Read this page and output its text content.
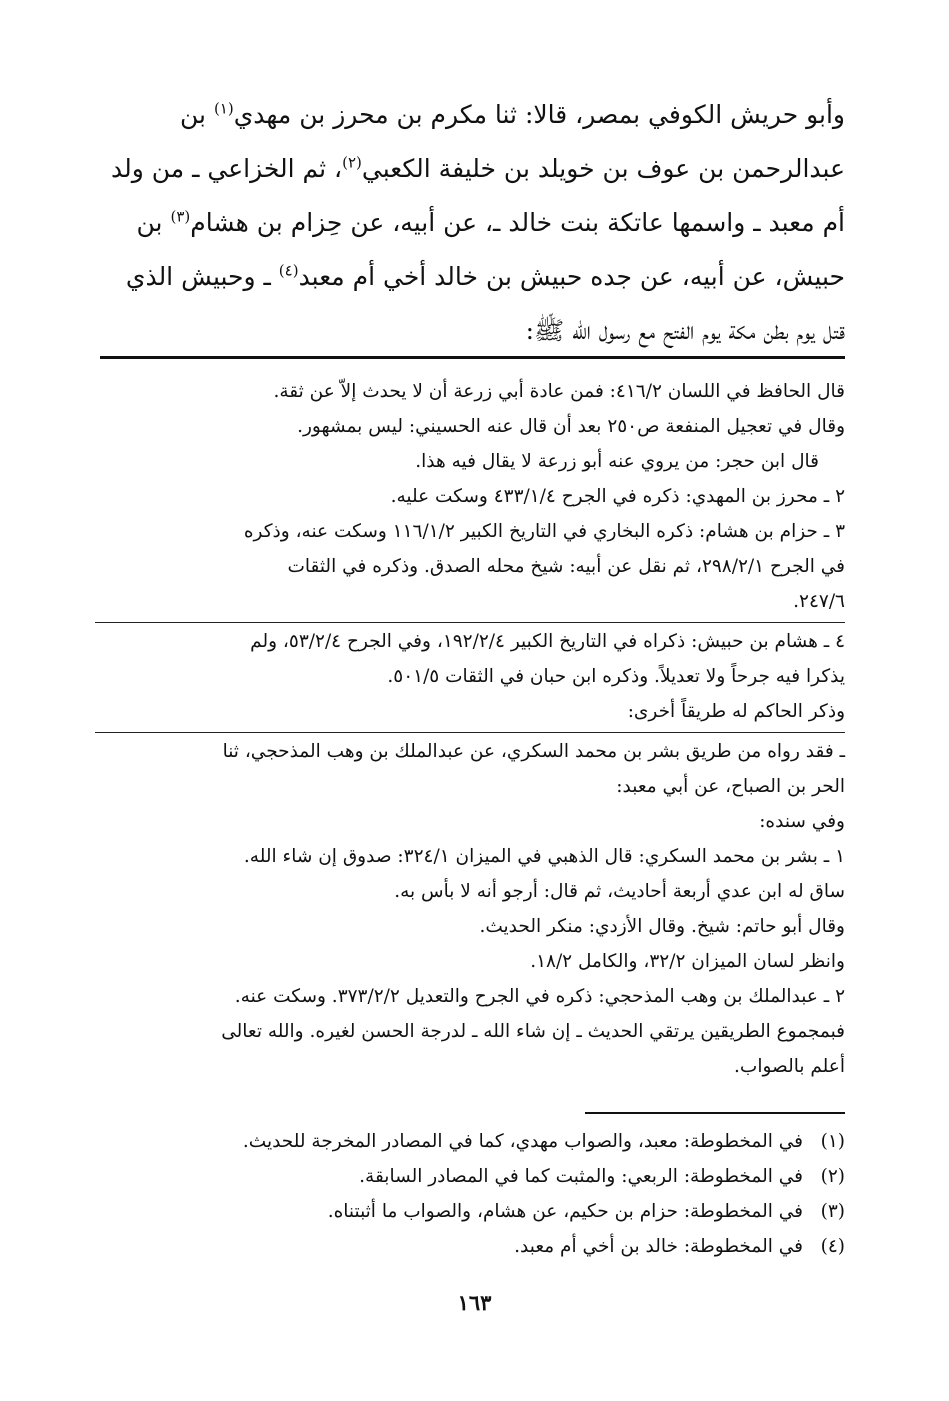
وأبو حريش الكوفي بمصر، قالا: ثنا مكرم بن محرز بن مهدي$^{(١)}$ بن
عبدالرحمن بن عوف بن خويلد بن خليفة الكعبي$^{(٢)}$، ثم الخزاعي ـ من ولد
أم معبد ـ واسمها عاتكة بنت خالد ـ، عن أبيه، عن حِزام بن هشام$^{(٣)}$ بن
حبيش، عن أبيه، عن جده حبيش بن خالد أخي أم معبد$^{(٤)}$ ـ وحبيش الذي
قتل يوم بطن مكة يوم الفتح مع رسول الله ﷺ:

قال الحافظ في اللسان ٤١٦/٢: فمن عادة أبي زرعة أن لا يحدث إلاّ عن ثقة.
وقال في تعجيل المنفعة ص٢٥٠ بعد أن قال عنه الحسيني: ليس بمشهور.
قال ابن حجر: من يروي عنه أبو زرعة لا يقال فيه هذا.
٢ ـ محرز بن المهدي: ذكره في الجرح ٤٣٣/١/٤ وسكت عليه.
٣ ـ حزام بن هشام: ذكره البخاري في التاريخ الكبير ١١٦/١/٢ وسكت عنه، وذكره
في الجرح ٢٩٨/٢/١، ثم نقل عن أبيه: شيخ محله الصدق. وذكره في الثقات
٢٤٧/٦.
٤ ـ هشام بن حبيش: ذكراه في التاريخ الكبير ١٩٢/٢/٤، وفي الجرح ٥٣/٢/٤، ولم
يذكرا فيه جرحاً ولا تعديلاً. وذكره ابن حبان في الثقات ٥٠١/٥.
وذكر الحاكم له طريقاً أخرى:
ـ فقد رواه من طريق بشر بن محمد السكري، عن عبدالملك بن وهب المذحجي، ثنا
الحر بن الصباح، عن أبي معبد:
وفي سنده:
١ ـ بشر بن محمد السكري: قال الذهبي في الميزان ٣٢٤/١: صدوق إن شاء الله.
ساق له ابن عدي أربعة أحاديث، ثم قال: أرجو أنه لا بأس به.
وقال أبو حاتم: شيخ. وقال الأزدي: منكر الحديث.
وانظر لسان الميزان ٣٢/٢، والكامل ١٨/٢.
٢ ـ عبدالملك بن وهب المذحجي: ذكره في الجرح والتعديل ٣٧٣/٢/٢. وسكت عنه.
فبمجموع الطريقين يرتقي الحديث ـ إن شاء الله ـ لدرجة الحسن لغيره. والله تعالى
أعلم بالصواب.
(١)
في المخطوطة: معبد، والصواب مهدي، كما في المصادر المخرجة للحديث.
(٢)
في المخطوطة: الربعي: والمثبت كما في المصادر السابقة.
(٣)
في المخطوطة: حزام بن حكيم، عن هشام، والصواب ما أثبتناه.
(٤)
في المخطوطة: خالد بن أخي أم معبد.
١٦٣
